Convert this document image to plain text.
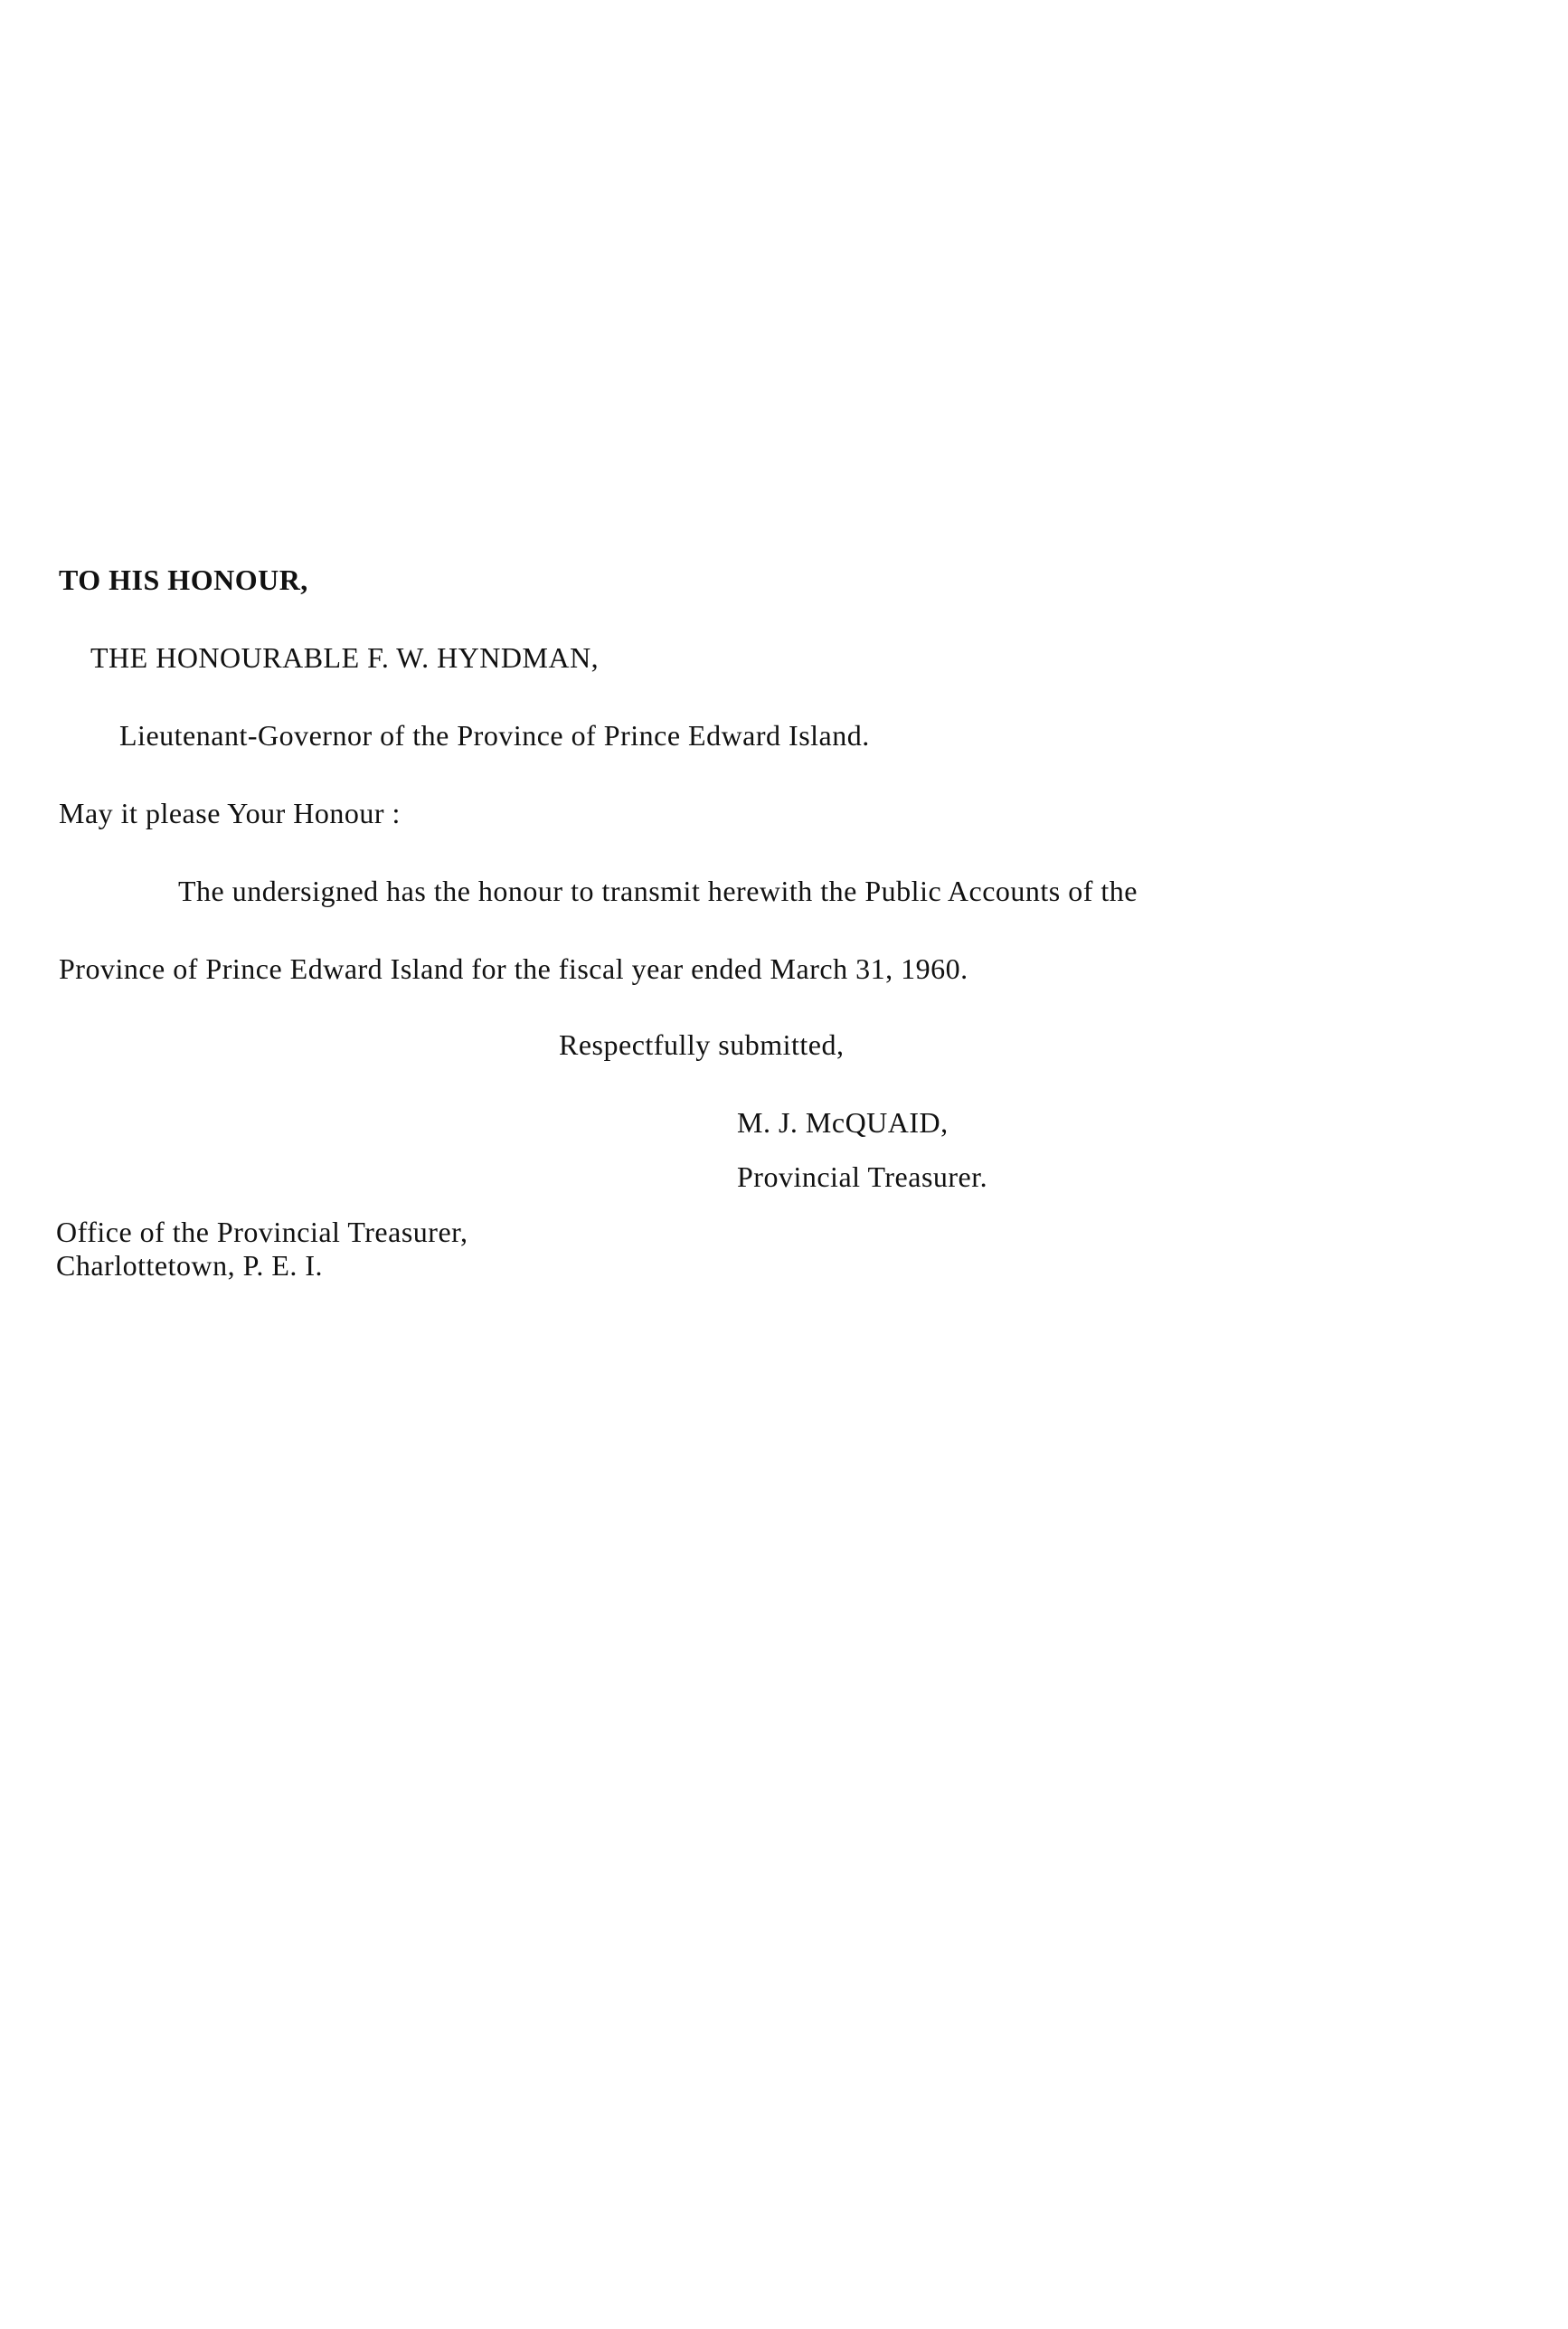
TO HIS HONOUR,
THE HONOURABLE F. W. HYNDMAN,
Lieutenant-Governor of the Province of Prince Edward Island.
May it please Your Honour :
The undersigned has the honour to transmit herewith the Public Accounts of the
Province of Prince Edward Island for the fiscal year ended March 31, 1960.
Respectfully submitted,
M. J. McQUAID,
Provincial Treasurer.
Office of the Provincial Treasurer,
Charlottetown, P. E. I.
